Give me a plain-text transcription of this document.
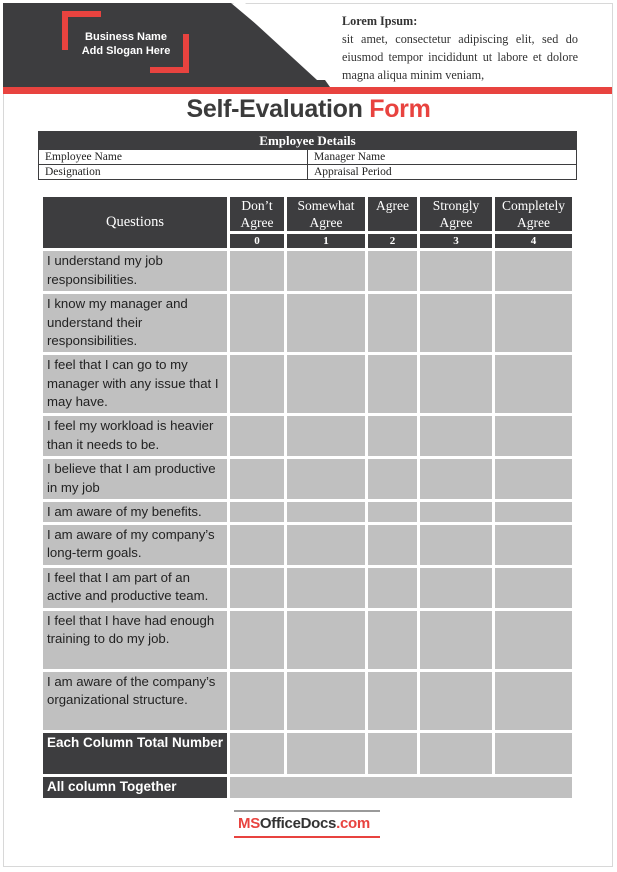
Business Name
Add Slogan Here
Lorem Ipsum:
sit amet, consectetur adipiscing elit, sed do eiusmod tempor incididunt ut labore et dolore magna aliqua minim veniam,
Self-Evaluation Form
Employee Details
Employee Name	Manager Name
Designation	Appraisal Period
Questions	Don’t Agree	Somewhat Agree	Agree	Strongly Agree	Completely Agree
	0	1	2	3	4
I understand my job responsibilities.					
I know my manager and understand their responsibilities.					
I feel that I can go to my manager with any issue that I may have.					
I feel my workload is heavier than it needs to be.					
I believe that I am productive in my job					
I am aware of my benefits.					
I am aware of my company’s long-term goals.					
I feel that I am part of an active and productive team.					
I feel that I have had enough training to do my job.					
I am aware of the company’s organizational structure.					
Each Column Total Number					
All column Together					
MSOfficeDocs.com
